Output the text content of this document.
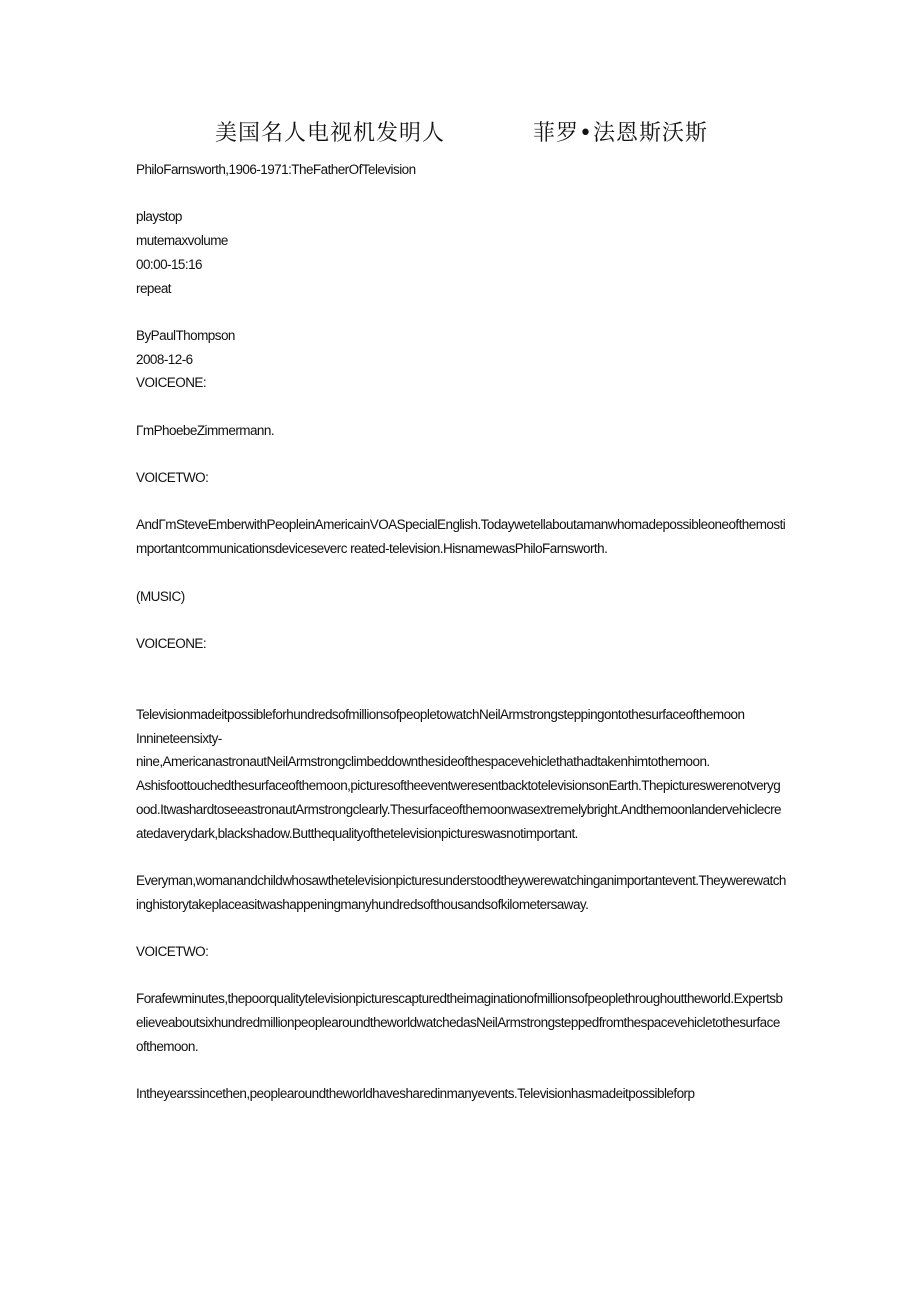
美国名人电视机发明人	菲罗•法恩斯沃斯

PhiloFarnsworth,1906-1971:TheFatherOfTelevision

playstop

mutemaxvolume

00:00-15:16

repeat

ByPaulThompson

2008-12-6

VOICEONE:

ΓmPhoebeZimmermann.

VOICETWO:

AndΓmSteveEmberwithPeopleinAmericainVOASpecialEnglish.Todaywetellaboutamanwhomadepossibleoneofthemostimportantcommunicationsdeviceseverc reated-television.HisnamewasPhiloFarnsworth.

(MUSIC)

VOICEONE:

TelevisionmadeitpossibleforhundredsofmillionsofpeopletowatchNeilArmstrongsteppingontothesurfaceofthemoon

Innineteensixty-

nine,AmericanastronautNeilArmstrongclimbeddownthesideofthespacevehiclethathadtakenhimtothemoon.

Ashisfoottouchedthesurfaceofthemoon,picturesoftheeventweresentbacktotelevisionsonEarth.Thepictureswerenotverygood.ItwashardtoseeastronautArmstrongclearly.Thesurfaceofthemoonwasextremelybright.Andthemoonlandervehiclecreatedaverydark,blackshadow.Butthequalityofthetelevisionpictureswasnotimportant.

Everyman,womanandchildwhosawthetelevisionpicturesunderstoodtheywerewatchinganimportantevent.Theywerewatchinghistorytakeplaceasitwashappeningmanyhundredsofthousandsofkilometersaway.

VOICETWO:

Forafewminutes,thepoorqualitytelevisionpicturescapturedtheimaginationofmillionsofpeoplethroughouttheworld.ExpertsbelieveaboutsixhundredmillionpeoplearoundtheworldwatchedasNeilArmstrongsteppedfromthespacevehicletothesurfaceofthemoon.

Intheyearssincethen,peoplearoundtheworldhavesharedinmanyevents.Televisionhasmadeitpossibleforp
